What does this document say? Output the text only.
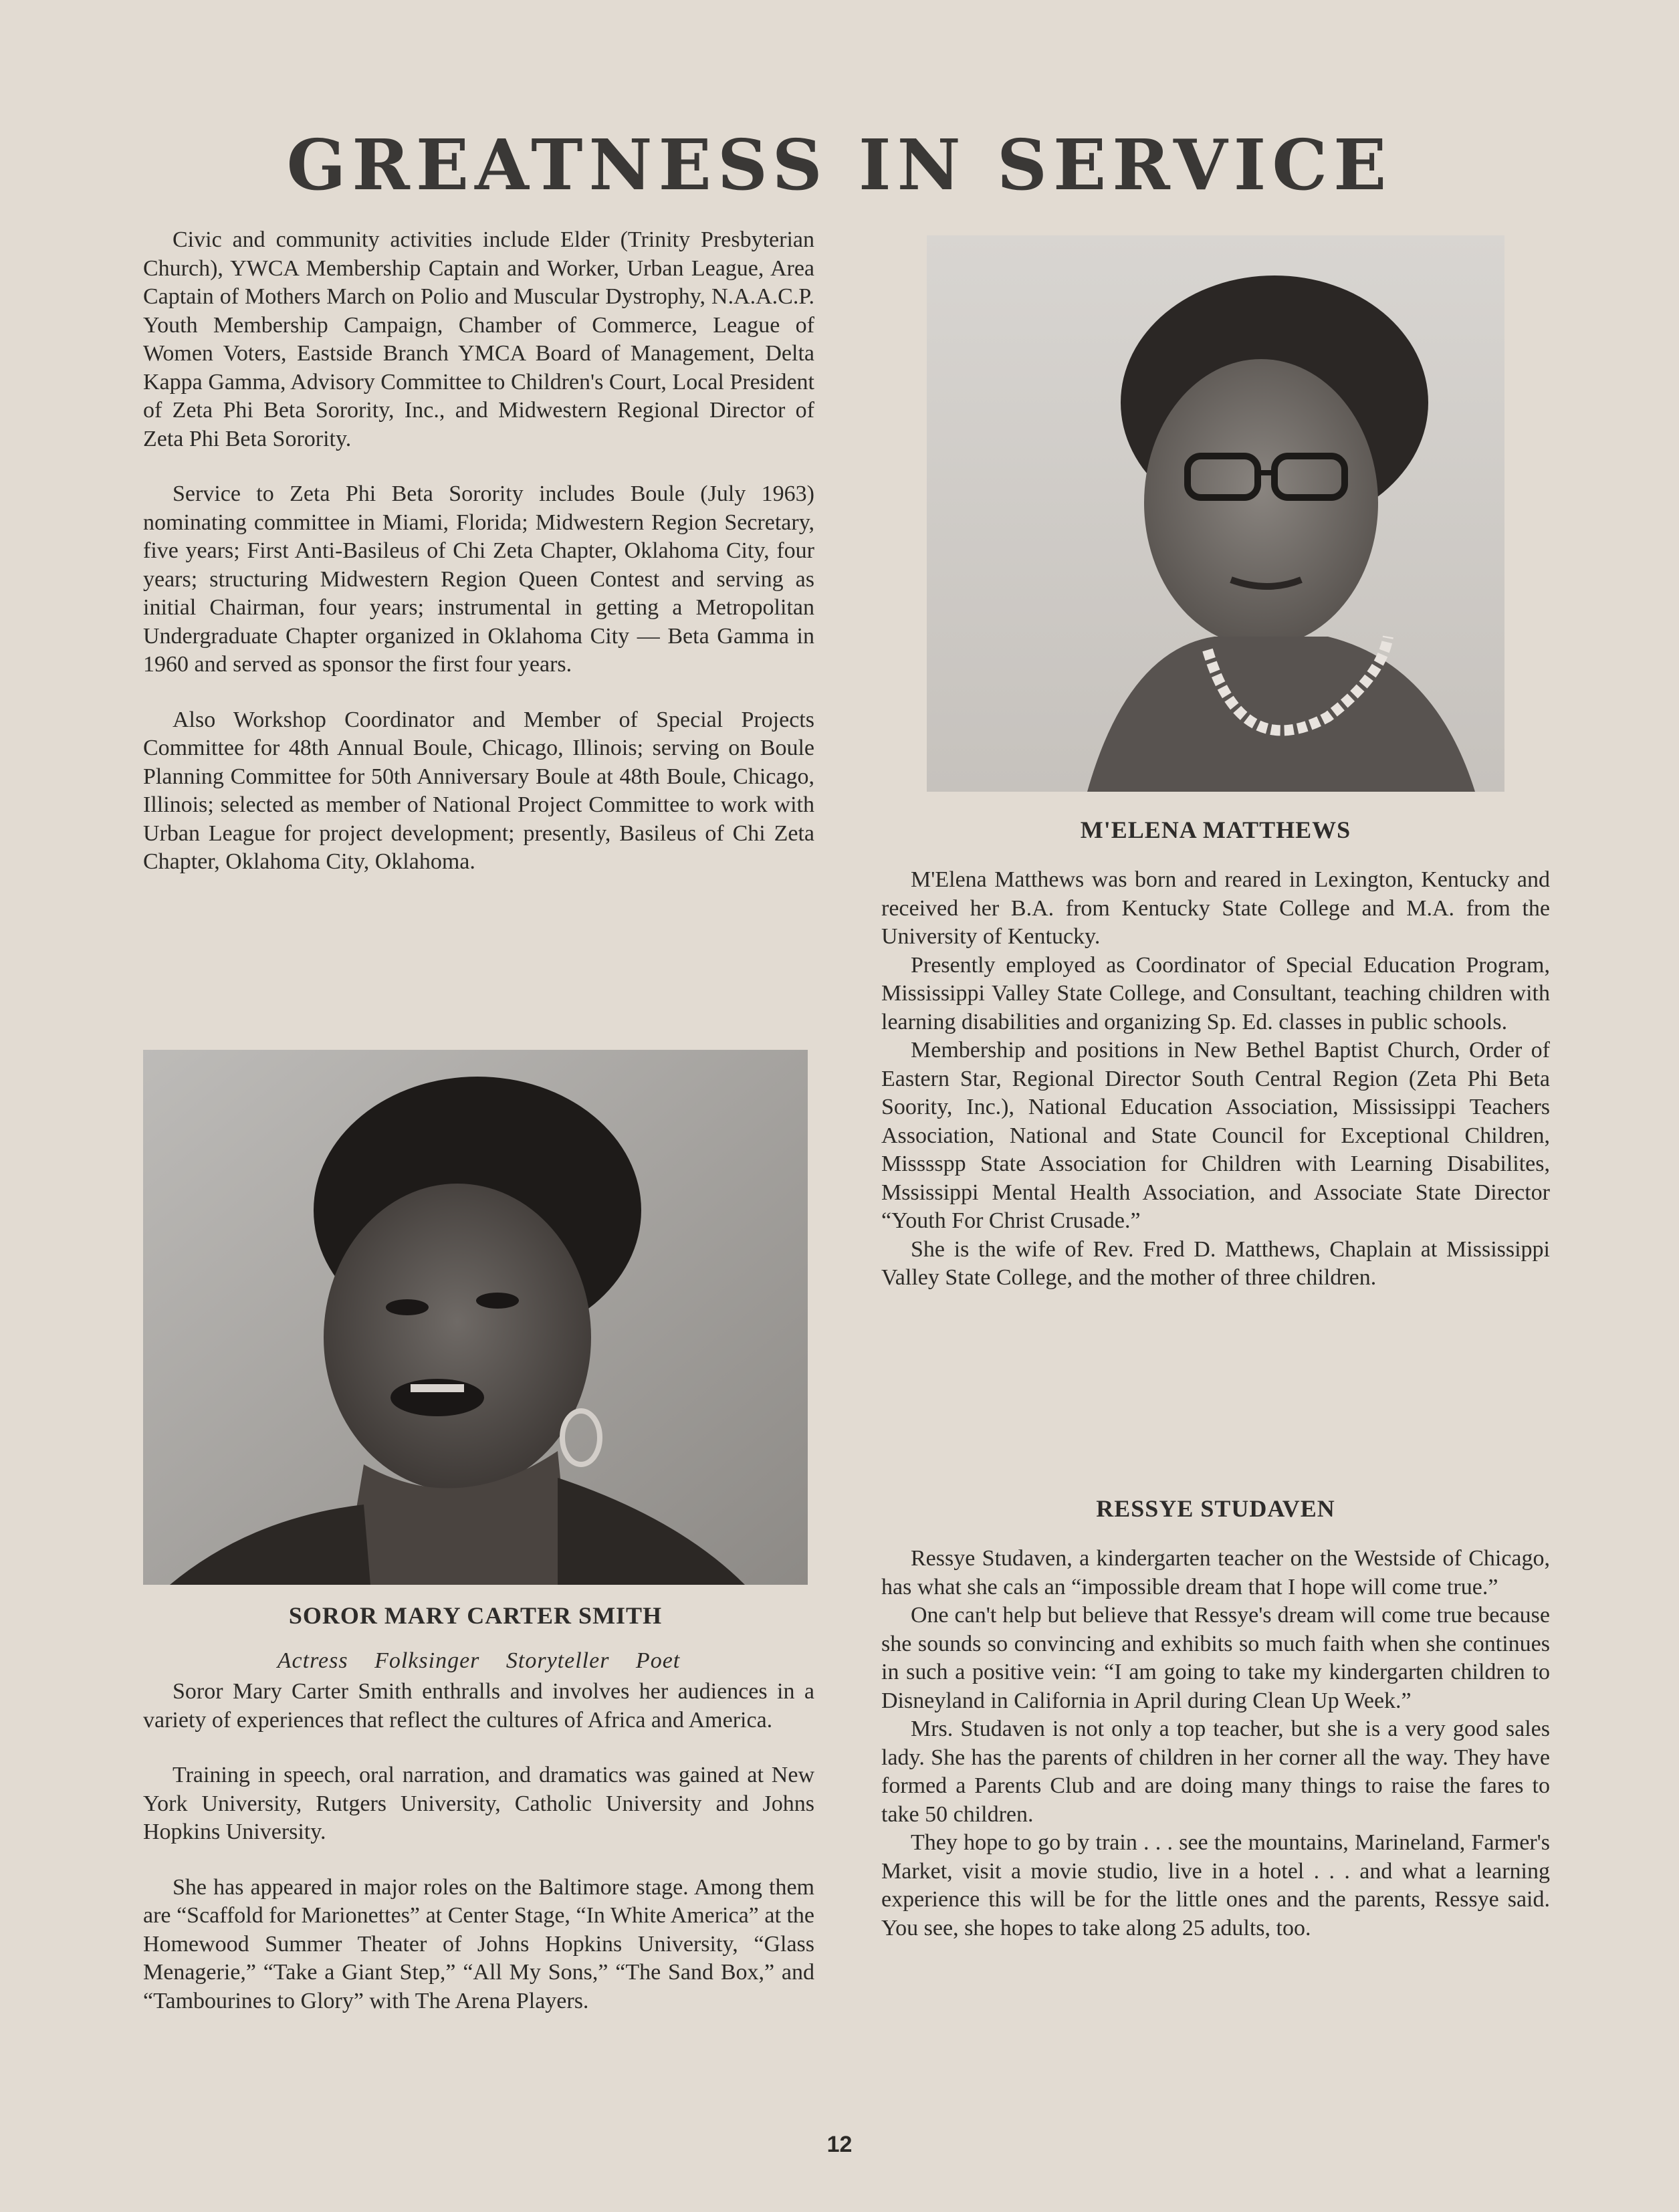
GREATNESS IN SERVICE

Civic and community activities include Elder (Trinity Presbyterian Church), YWCA Membership Captain and Worker, Urban League, Area Captain of Mothers March on Polio and Muscular Dystrophy, N.A.A.C.P. Youth Membership Campaign, Chamber of Commerce, League of Women Voters, Eastside Branch YMCA Board of Management, Delta Kappa Gamma, Advisory Committee to Children's Court, Local President of Zeta Phi Beta Sorority, Inc., and Midwestern Regional Director of Zeta Phi Beta Sorority.

Service to Zeta Phi Beta Sorority includes Boule (July 1963) nominating committee in Miami, Florida; Midwestern Region Secretary, five years; First Anti-Basileus of Chi Zeta Chapter, Oklahoma City, four years; structuring Midwestern Region Queen Contest and serving as initial Chairman, four years; instrumental in getting a Metropolitan Undergraduate Chapter organized in Oklahoma City — Beta Gamma in 1960 and served as sponsor the first four years.

Also Workshop Coordinator and Member of Special Projects Committee for 48th Annual Boule, Chicago, Illinois; serving on Boule Planning Committee for 50th Anniversary Boule at 48th Boule, Chicago, Illinois; selected as member of National Project Committee to work with Urban League for project development; presently, Basileus of Chi Zeta Chapter, Oklahoma City, Oklahoma.

SOROR MARY CARTER SMITH
Actress Folksinger Storyteller Poet

Soror Mary Carter Smith enthralls and involves her audiences in a variety of experiences that reflect the cultures of Africa and America.

Training in speech, oral narration, and dramatics was gained at New York University, Rutgers University, Catholic University and Johns Hopkins University.

She has appeared in major roles on the Baltimore stage. Among them are “Scaffold for Marionettes” at Center Stage, “In White America” at the Homewood Summer Theater of Johns Hopkins University, “Glass Menagerie,” “Take a Giant Step,” “All My Sons,” “The Sand Box,” and “Tambourines to Glory” with The Arena Players.

M'ELENA MATTHEWS

M'Elena Matthews was born and reared in Lexington, Kentucky and received her B.A. from Kentucky State College and M.A. from the University of Kentucky.

Presently employed as Coordinator of Special Education Program, Mississippi Valley State College, and Consultant, teaching children with learning disabilities and organizing Sp. Ed. classes in public schools.

Membership and positions in New Bethel Baptist Church, Order of Eastern Star, Regional Director South Central Region (Zeta Phi Beta Soority, Inc.), National Education Association, Mississippi Teachers Association, National and State Council for Exceptional Children, Misssspp State Association for Children with Learning Disabilites, Mssissippi Mental Health Association, and Associate State Director “Youth For Christ Crusade.”

She is the wife of Rev. Fred D. Matthews, Chaplain at Mississippi Valley State College, and the mother of three children.

RESSYE STUDAVEN

Ressye Studaven, a kindergarten teacher on the Westside of Chicago, has what she cals an “impossible dream that I hope will come true.”

One can't help but believe that Ressye's dream will come true because she sounds so convincing and exhibits so much faith when she continues in such a positive vein: “I am going to take my kindergarten children to Disneyland in California in April during Clean Up Week.”

Mrs. Studaven is not only a top teacher, but she is a very good sales lady. She has the parents of children in her corner all the way. They have formed a Parents Club and are doing many things to raise the fares to take 50 children.

They hope to go by train . . . see the mountains, Marineland, Farmer's Market, visit a movie studio, live in a hotel . . . and what a learning experience this will be for the little ones and the parents, Ressye said. You see, she hopes to take along 25 adults, too.

12
